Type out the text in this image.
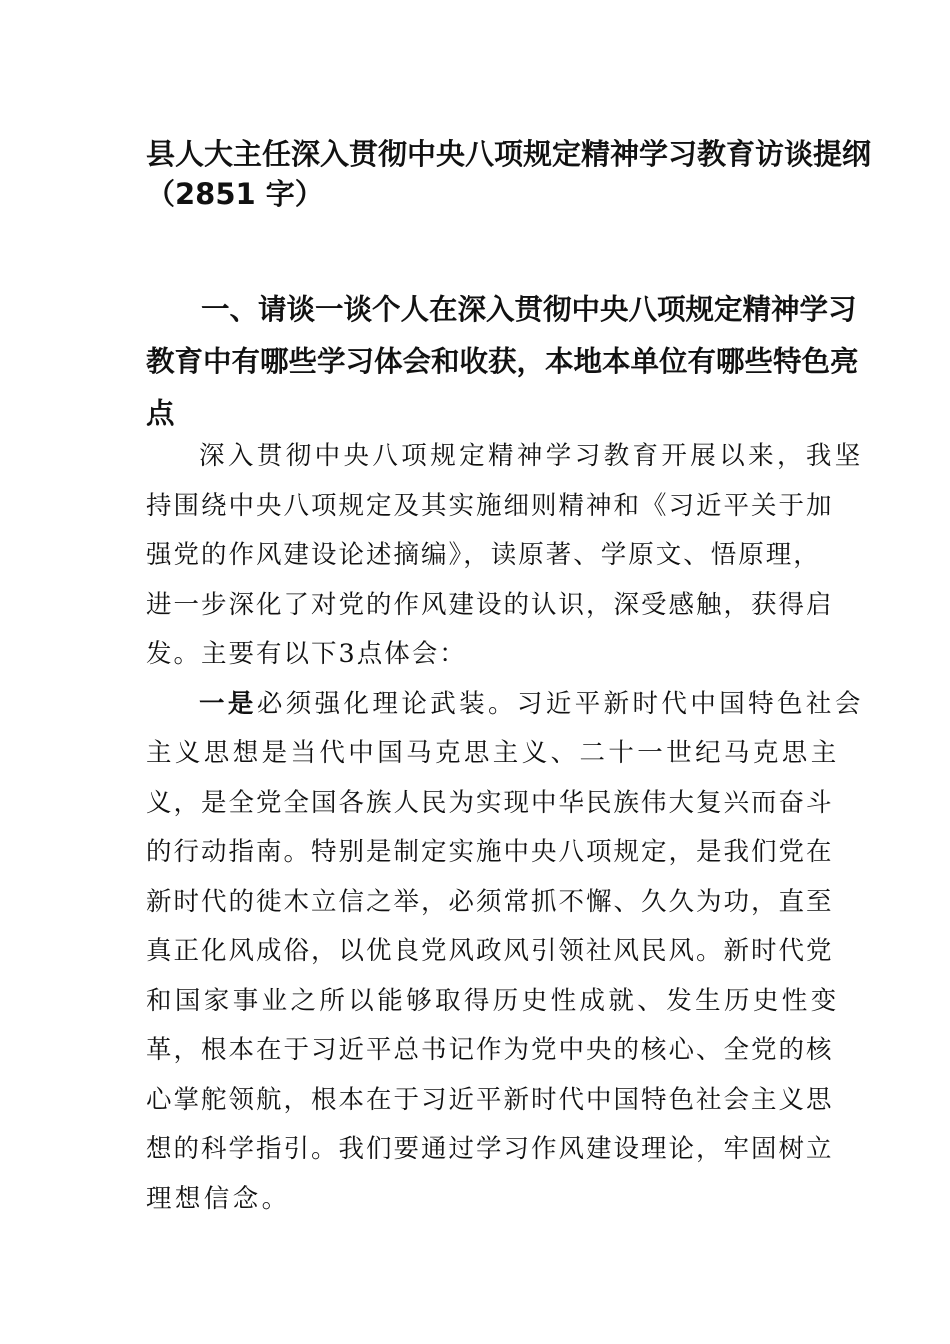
县人大主任深入贯彻中央八项规定精神学习教育访谈提纲
（2851 字）
一、请谈一谈个人在深入贯彻中央八项规定精神学习
教育中有哪些学习体会和收获，本地本单位有哪些特色亮
点
深入贯彻中央八项规定精神学习教育开展以来，我坚
持围绕中央八项规定及其实施细则精神和《习近平关于加
强党的作风建设论述摘编》，读原著、学原文、悟原理，
进一步深化了对党的作风建设的认识，深受感触，获得启
发。主要有以下3点体会：
一是必须强化理论武装。习近平新时代中国特色社会
主义思想是当代中国马克思主义、二十一世纪马克思主
义，是全党全国各族人民为实现中华民族伟大复兴而奋斗
的行动指南。特别是制定实施中央八项规定，是我们党在
新时代的徙木立信之举，必须常抓不懈、久久为功，直至
真正化风成俗，以优良党风政风引领社风民风。新时代党
和国家事业之所以能够取得历史性成就、发生历史性变
革，根本在于习近平总书记作为党中央的核心、全党的核
心掌舵领航，根本在于习近平新时代中国特色社会主义思
想的科学指引。我们要通过学习作风建设理论，牢固树立
理想信念。
